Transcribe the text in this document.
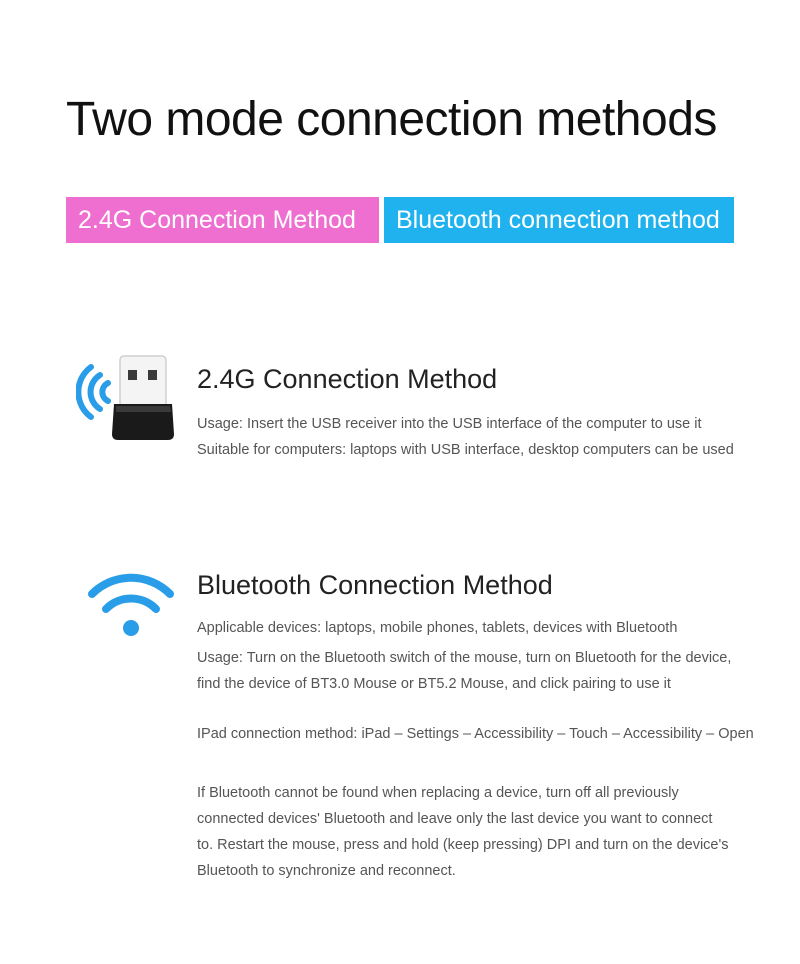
Two mode connection methods
2.4G Connection Method	Bluetooth connection method
2.4G Connection Method
Usage: Insert the USB receiver into the USB interface of the computer to use it
Suitable for computers: laptops with USB interface, desktop computers can be used
Bluetooth Connection Method
Applicable devices: laptops, mobile phones, tablets, devices with Bluetooth
Usage: Turn on the Bluetooth switch of the mouse, turn on Bluetooth for the device,
find the device of BT3.0 Mouse or BT5.2 Mouse, and click pairing to use it
IPad connection method: iPad – Settings – Accessibility – Touch – Accessibility – Open
If Bluetooth cannot be found when replacing a device, turn off all previously
connected devices' Bluetooth and leave only the last device you want to connect
to. Restart the mouse, press and hold (keep pressing) DPI and turn on the device's
Bluetooth to synchronize and reconnect.
